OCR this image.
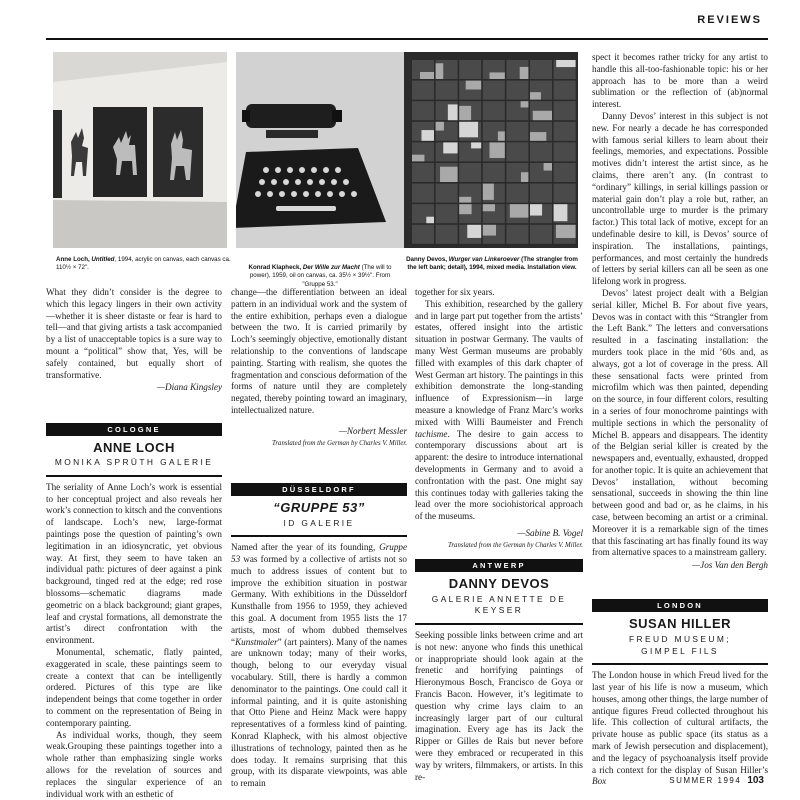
REVIEWS
Anne Loch, Untitled, 1994, acrylic on canvas, each canvas ca. 110½ × 72".	Konrad Klapheck, Der Wille zur Macht (The will to power), 1959, oil on canvas, ca. 35½ × 39½". From "Gruppe 53."
Danny Devos, Wurger van Linkeroever (The strangler from the left bank; detail), 1994, mixed media. Installation view.

What they didn’t consider is the degree to which this legacy lingers in their own activity—whether it is sheer distaste or fear is hard to tell—and that giving artists a task accompanied by a list of unacceptable topics is a sure way to mount a “political” show that, Yes, will be safely contained, but equally short of transformative.

—Diana Kingsley
COLOGNE
ANNE LOCH
MONIKA SPRÜTH GALERIE

The seriality of Anne Loch’s work is essential to her conceptual project and also reveals her work’s connection to kitsch and the conventions of landscape. Loch’s new, large-format paintings pose the question of painting’s own legitimation in an idiosyncratic, yet obvious way. At first, they seem to have taken an individual path: pictures of deer against a pink background, tinged red at the edge; red rose blossoms—schematic diagrams made geometric on a black background; giant grapes, leaf and crystal formations, all demonstrate the artist’s direct confrontation with the environment.

Monumental, schematic, flatly painted, exaggerated in scale, these paintings seem to create a context that can be intelligently ordered. Pictures of this type are like independent beings that come together in order to comment on the representation of Being in contemporary painting.

As individual works, though, they seem weak.Grouping these paintings together into a whole rather than emphasizing single works allows for the revelation of sources and replaces the singular experience of an individual work with an esthetic of

change—the differentiation between an ideal pattern in an individual work and the system of the entire exhibition, perhaps even a dialogue between the two. It is carried primarily by Loch’s seemingly objective, emotionally distant relationship to the conventions of landscape painting. Starting with realism, she quotes the fragmentation and conscious deformation of the forms of nature until they are completely negated, thereby pointing toward an imaginary, intellectualized nature.

—Norbert Messler
Translated from the German by Charles V. Miller.
DÜSSELDORF
“GRUPPE 53”
ID GALERIE

Named after the year of its founding, Gruppe 53 was formed by a collective of artists not so much to address issues of content but to improve the exhibition situation in postwar Germany. With exhibitions in the Düsseldorf Kunsthalle from 1956 to 1959, they achieved this goal. A document from 1955 lists the 17 artists, most of whom dubbed themselves “Kunstmaler” (art painters). Many of the names are unknown today; many of their works, though, belong to our everyday visual vocabulary. Still, there is hardly a common denominator to the paintings. One could call it informal painting, and it is quite astonishing that Otto Piene and Heinz Mack were happy representatives of a formless kind of painting. Konrad Klapheck, with his almost objective illustrations of technology, painted then as he does today. It remains surprising that this group, with its disparate viewpoints, was able to remain

together for six years.

This exhibition, researched by the gallery and in large part put together from the artists’ estates, offered insight into the artistic situation in postwar Germany. The vaults of many West German museums are probably filled with examples of this dark chapter of West German art history. The paintings in this exhibition demonstrate the long-standing influence of Expressionism—in large measure a knowledge of Franz Marc’s works mixed with Willi Baumeister and French tachisme. The desire to gain access to contemporary discussions about art is apparent: the desire to introduce international developments in Germany and to avoid a confrontation with the past. One might say this continues today with galleries taking the lead over the more sociohistorical approach of the museums.

—Sabine B. Vogel
Translated from the German by Charles V. Miller.
ANTWERP
DANNY DEVOS
GALERIE ANNETTE DE KEYSER

Seeking possible links between crime and art is not new: anyone who finds this unethical or inappropriate should look again at the frenetic and horrifying paintings of Hieronymous Bosch, Francisco de Goya or Francis Bacon. However, it’s legitimate to question why crime lays claim to an increasingly larger part of our cultural imagination. Every age has its Jack the Ripper or Gilles de Rais but never before were they embraced or recuperated in this way by writers, filmmakers, or artists. In this re-

spect it becomes rather tricky for any artist to handle this all-too-fashionable topic: his or her approach has to be more than a weird sublimation or the reflection of (ab)normal interest.

Danny Devos’ interest in this subject is not new. For nearly a decade he has corresponded with famous serial killers to learn about their feelings, memories, and expectations. Possible motives didn’t interest the artist since, as he claims, there aren’t any. (In contrast to “ordinary” killings, in serial killings passion or material gain don’t play a role but, rather, an uncontrollable urge to murder is the primary factor.) This total lack of motive, except for an undefinable desire to kill, is Devos’ source of inspiration. The installations, paintings, performances, and most certainly the hundreds of letters by serial killers can all be seen as one lifelong work in progress.

Devos’ latest project dealt with a Belgian serial killer, Michel B. For about five years, Devos was in contact with this “Strangler from the Left Bank.” The letters and conversations resulted in a fascinating installation: the murders took place in the mid ’60s and, as always, got a lot of coverage in the press. All these sensational facts were printed from microfilm which was then painted, depending on the source, in four different colors, resulting in a series of four monochrome paintings with multiple sections in which the personality of Michel B. appears and disappears. The identity of the Belgian serial killer is created by the newspapers and, eventually, exhausted, dropped for another topic. It is quite an achievement that Devos’ installation, without becoming sensational, succeeds in showing the thin line between good and bad or, as he claims, in his case, between becoming an artist or a criminal. Moreover it is a remarkable sign of the times that this fascinating art has finally found its way from alternative spaces to a mainstream gallery.

—Jos Van den Bergh
LONDON
SUSAN HILLER
FREUD MUSEUM; GIMPEL FILS

The London house in which Freud lived for the last year of his life is now a museum, which houses, among other things, the large number of antique figures Freud collected throughout his life. This collection of cultural artifacts, the private house as public space (its status as a mark of Jewish persecution and displacement), and the legacy of psychoanalysis itself provide a rich context for the display of Susan Hiller’s Box	SUMMER 1994 103
